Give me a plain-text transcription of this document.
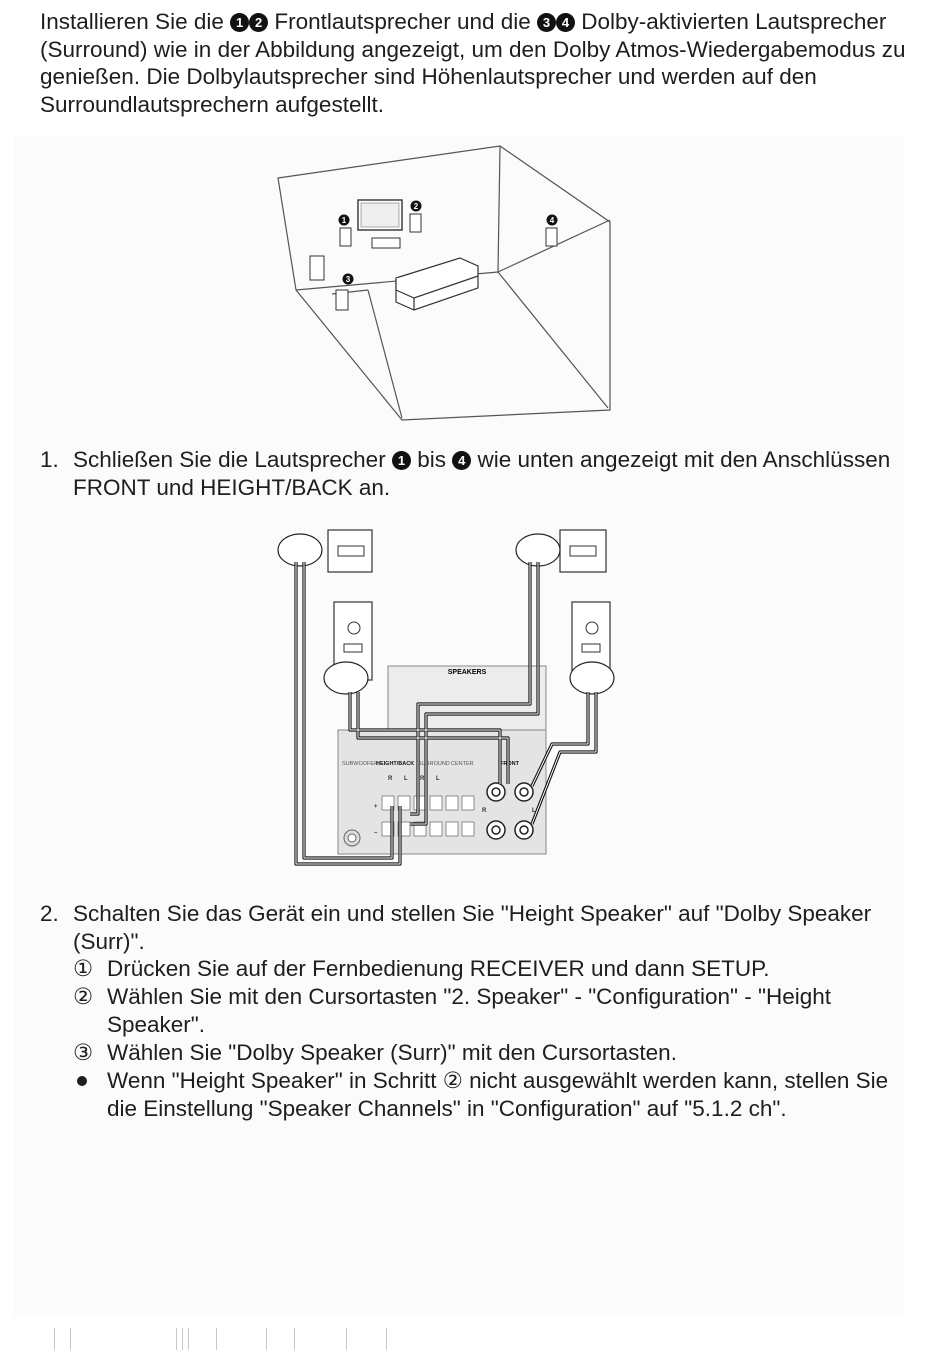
Installieren Sie die 1 2 Frontlautsprecher und die 3 4 Dolby-aktivierten Lautsprecher (Surround) wie in der Abbildung angezeigt, um den Dolby Atmos-Wiedergabemodus zu genießen. Die Dolbylautsprecher sind Höhenlautsprecher und werden auf den Surroundlautsprechern aufgestellt.
1
2
3
4
1. Schließen Sie die Lautsprecher 1 bis 4 wie unten angezeigt mit den Anschlüssen FRONT und HEIGHT/BACK an.
SPEAKERS
SUBWOOFER
HEIGHT/BACK SURROUND CENTER	FRONT
R L R L
R	L
+
–
2. Schalten Sie das Gerät ein und stellen Sie "Height Speaker" auf "Dolby Speaker (Surr)".
① Drücken Sie auf der Fernbedienung RECEIVER und dann SETUP.
② Wählen Sie mit den Cursortasten "2. Speaker" - "Configuration" - "Height Speaker".
③ Wählen Sie "Dolby Speaker (Surr)" mit den Cursortasten.
Wenn "Height Speaker" in Schritt ② nicht ausgewählt werden kann, stellen Sie die Einstellung "Speaker Channels" in "Configuration" auf "5.1.2 ch".
